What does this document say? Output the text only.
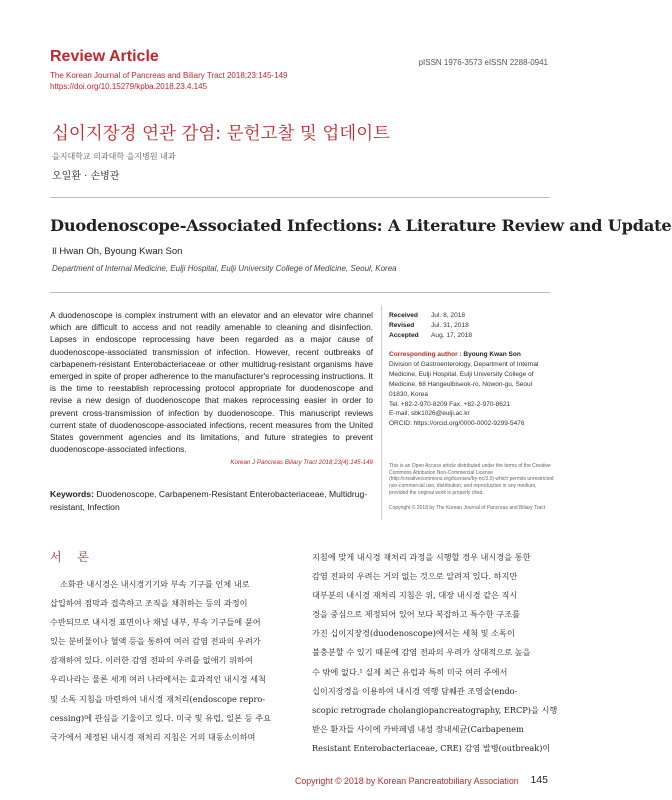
Review Article
The Korean Journal of Pancreas and Biliary Tract 2018;23:145-149
https://doi.org/10.15279/kpba.2018.23.4.145
pISSN 1976-3573 eISSN 2288-0941
십이지장경 연관 감염: 문헌고찰 및 업데이트
을지대학교 의과대학 을지병원 내과
오일환 · 손병관
Duodenoscope-Associated Infections: A Literature Review and Update
Il Hwan Oh, Byoung Kwan Son
Department of Internal Medicine, Eulji Hospital, Eulji University College of Medicine, Seoul, Korea
A duodenoscope is complex instrument with an elevator and an elevator wire channel which are difficult to access and not readily amenable to cleaning and disinfection. Lapses in endoscope reprocessing have been regarded as a major cause of duodenoscope-associated transmission of infection. However, recent outbreaks of carbapenem-resistant Enterobacteriaceae or other multidrug-resistant organisms have emerged in spite of proper adherence to the manufacturer's reprocessing instructions. It is the time to reestablish reprocessing protocol appropriate for duodenoscope and revise a new design of duodenoscope that makes reprocessing easier in order to prevent cross-transmission of infection by duodenoscope. This manuscript reviews current state of duodenoscope-associated infections, recent measures from the United States government agencies and its limitations, and future strategies to prevent duodenoscope-associated infections.
Korean J Pancreas Biliary Tract 2018;23(4):145-149
Keywords: Duodenoscope, Carbapenem-Resistant Enterobacteriaceae, Multidrug-resistant, Infection
Received	Jul. 8, 2018
Revised	Jul. 31, 2018
Accepted	Aug. 17, 2018
Corresponding author : Byoung Kwan Son
Division of Gastroenterology, Department of Internal
Medicine, Eulji Hospital, Eulji University College of
Medicine, 68 Hangeulbiseok-ro, Nowon-gu, Seoul
01830, Korea
Tel. +82-2-970-8209 Fax. +82-2-970-8621
E-mail; sbk1026@eulji.ac.kr
ORCID: https://orcid.org/0000-0002-9299-5476
This is an Open Access article distributed under the terms of the Creative Commons Attribution Non-Commercial License (http://creativecommons.org/licenses/by-nc/3.0) which permits unrestricted non-commercial use, distribution, and reproduction in any medium, provided the original work is properly cited.
Copyright © 2018 by The Korean Journal of Pancreas and Biliary Tract
서 론
소화관 내시경은 내시경기기와 부속 기구를 인체 내로
삽입하여 점막과 접촉하고 조직을 채취하는 등의 과정이
수반되므로 내시경 표면이나 채널 내부, 부속 기구들에 묻어
있는 분비물이나 혈액 등을 통하여 여러 감염 전파의 우려가
잠재하여 있다. 이러한 감염 전파의 우려를 없애기 위하여
우리나라는 물론 세계 여러 나라에서는 효과적인 내시경 세척
및 소독 지침을 마련하여 내시경 재처리(endoscope repro-
cessing)에 관심을 기울이고 있다. 미국 및 유럽, 일본 등 주요
국가에서 제정된 내시경 재처리 지침은 거의 대동소이하며
지침에 맞게 내시경 재처리 과정을 시행할 경우 내시경을 통한
감염 전파의 우려는 거의 없는 것으로 알려져 있다. 하지만
대부분의 내시경 재처리 지침은 위, 대장 내시경 같은 직시
경을 중심으로 제정되어 있어 보다 복잡하고 특수한 구조를
가진 십이지장경(duodenoscope)에서는 세척 및 소독이
불충분할 수 있기 때문에 감염 전파의 우려가 상대적으로 높을
수 밖에 없다.¹ 실제 최근 유럽과 특히 미국 여러 주에서
십이지장경을 이용하여 내시경 역행 담췌관 조영술(endo-
scopic retrograde cholangiopancreatography, ERCP)을 시행
받은 환자들 사이에 카바페넴 내성 장내세균(Carbapenem
Resistant Enterobacteriaceae, CRE) 감염 발병(outbreak)이
Copyright © 2018 by Korean Pancreatobiliary Association 145
